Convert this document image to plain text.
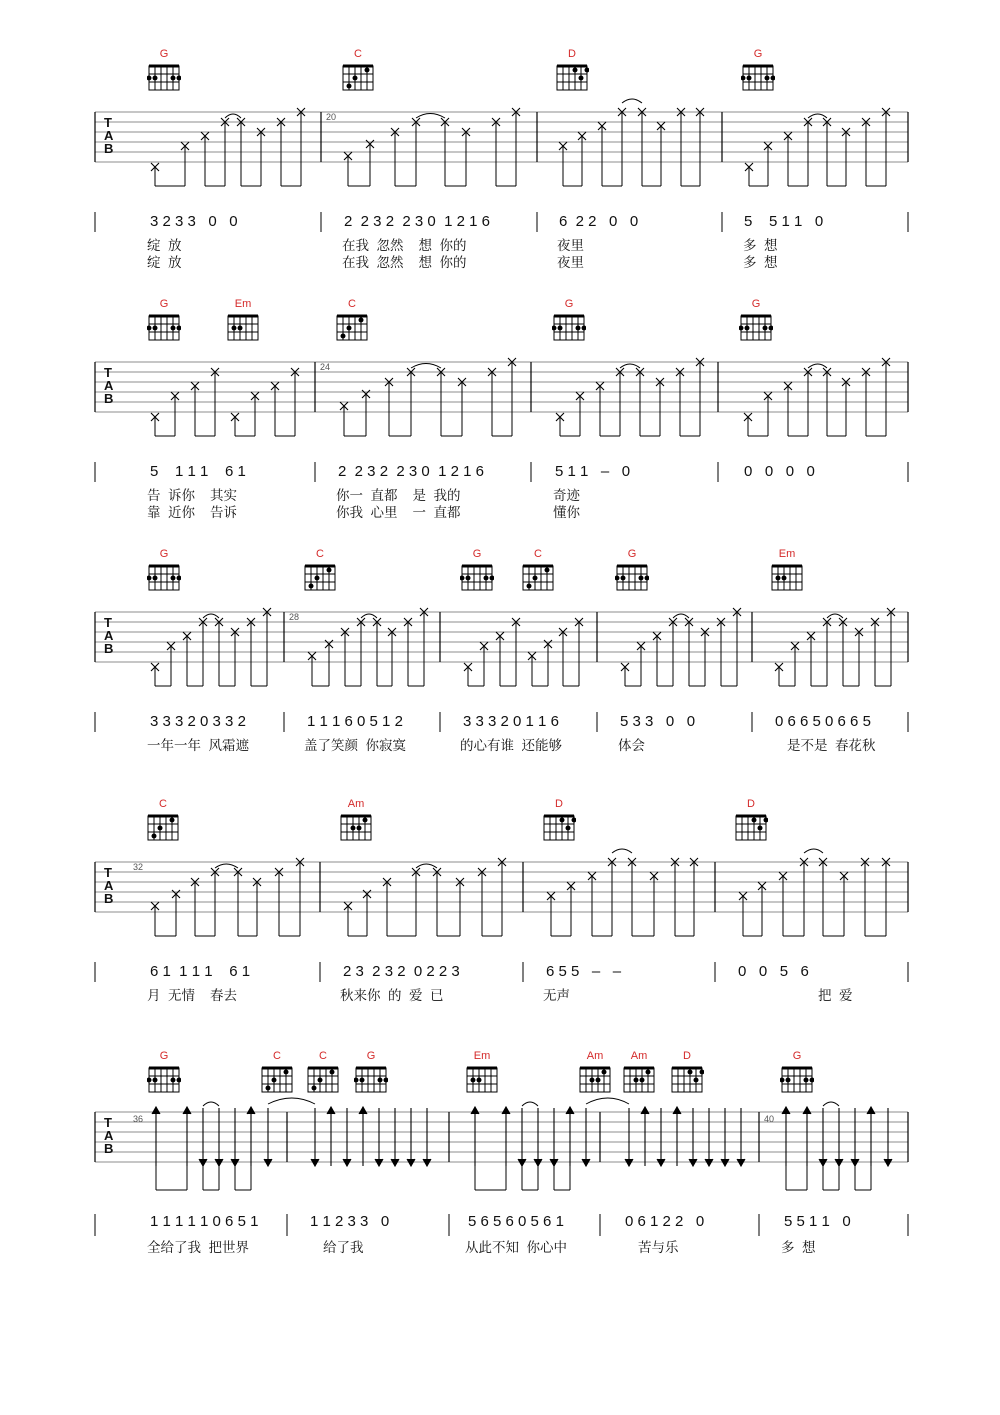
G	C	D	G
T
A
B
20
3 2 3 3   0   0	2  2 3 2  2 3 0  1 2 1 6	6  2 2   0   0	5    5 1 1   0
绽  放	在我  忽然    想  你的	夜里	多  想
绽  放	在我  忽然    想  你的	夜里	多  想
G	Em	C	G	G
T
A
B
24
5    1 1 1    6 1	2  2 3 2  2 3 0  1 2 1 6	5 1 1   –   0	0   0   0   0
告  诉你    其实	你一  直都    是  我的	奇迹
靠  近你    告诉	你我  心里    一  直都	懂你
G	C	G	C	G	Em
T
A
B
28
3 3 3 2 0 3 3 2	1 1 1 6 0 5 1 2	3 3 3 2 0 1 1 6	5 3 3   0   0	0 6 6 5 0 6 6 5
一年一年  风霜遮	盖了笑颜  你寂寞	的心有谁  还能够	体会	是不是  春花秋
C	Am	D	D
T
A
B
32
6 1  1 1 1    6 1	2 3  2 3 2  0 2 2 3	6 5 5   –   –	0   0   5   6
月  无情    春去	秋来你  的  爱  已	无声	把  爱
G	C	C	G	Em	Am	Am	D	G
T
A
B
36	40
1 1 1 1 1 0 6 5 1	1 1 2 3 3   0	5 6 5 6 0 5 6 1	0 6 1 2 2   0	5 5 1 1   0
全给了我  把世界	给了我	从此不知  你心中	苦与乐	多  想
